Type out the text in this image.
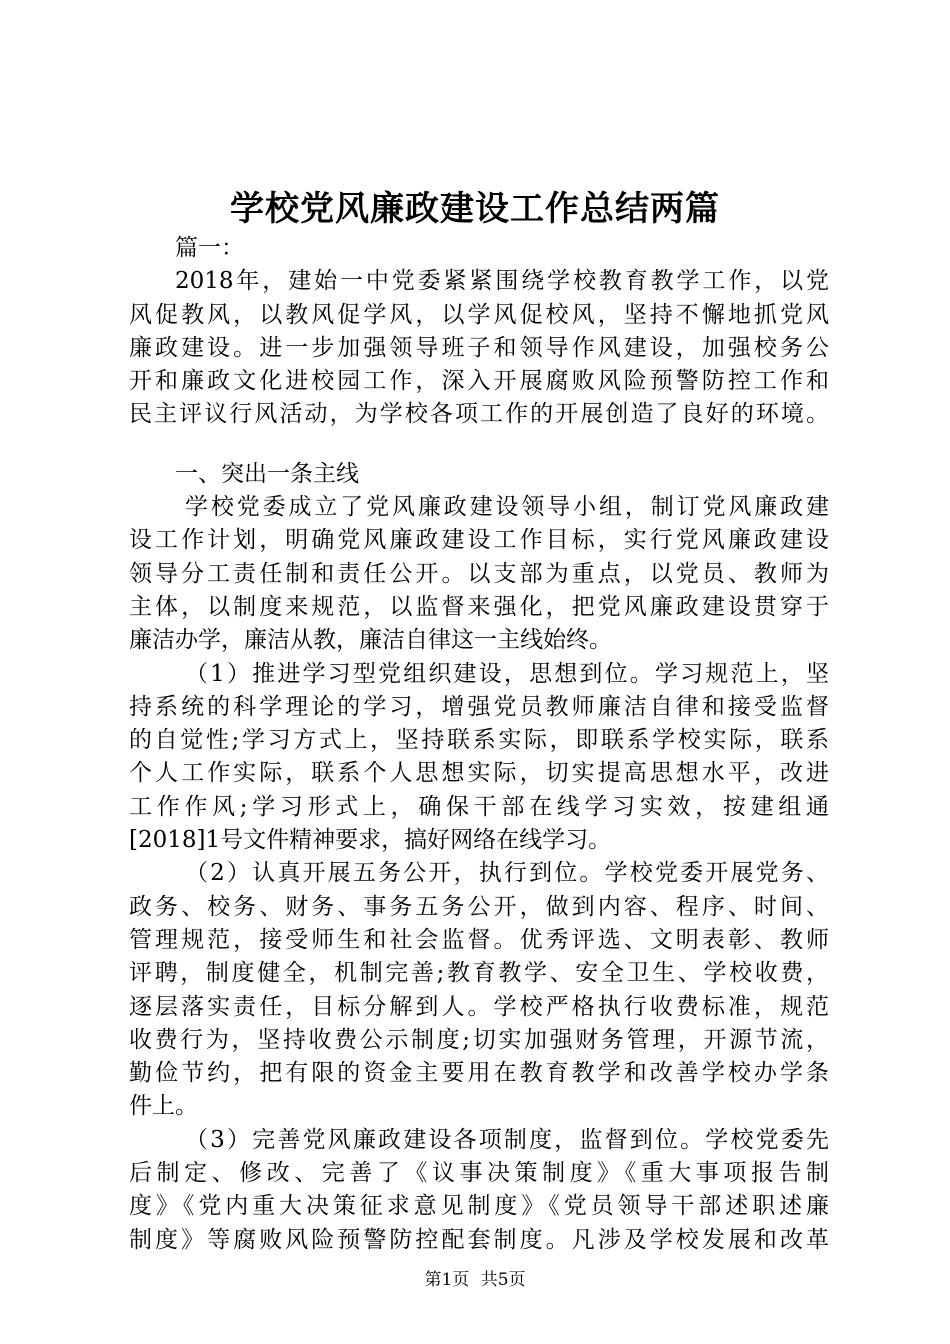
学校党风廉政建设工作总结两篇
篇一：
2018年，建始一中党委紧紧围绕学校教育教学工作，以党
风促教风，以教风促学风，以学风促校风，坚持不懈地抓党风
廉政建设。进一步加强领导班子和领导作风建设，加强校务公
开和廉政文化进校园工作，深入开展腐败风险预警防控工作和
民主评议行风活动，为学校各项工作的开展创造了良好的环境。
一、突出一条主线
学校党委成立了党风廉政建设领导小组，制订党风廉政建
设工作计划，明确党风廉政建设工作目标，实行党风廉政建设
领导分工责任制和责任公开。以支部为重点，以党员、教师为
主体，以制度来规范，以监督来强化，把党风廉政建设贯穿于
廉洁办学，廉洁从教，廉洁自律这一主线始终。
（1）推进学习型党组织建设，思想到位。学习规范上，坚
持系统的科学理论的学习，增强党员教师廉洁自律和接受监督
的自觉性;学习方式上，坚持联系实际，即联系学校实际，联系
个人工作实际，联系个人思想实际，切实提高思想水平，改进
工作作风;学习形式上，确保干部在线学习实效，按建组通
[2018]1号文件精神要求，搞好网络在线学习。
（2）认真开展五务公开，执行到位。学校党委开展党务、
政务、校务、财务、事务五务公开，做到内容、程序、时间、
管理规范，接受师生和社会监督。优秀评选、文明表彰、教师
评聘，制度健全，机制完善;教育教学、安全卫生、学校收费，
逐层落实责任，目标分解到人。学校严格执行收费标准，规范
收费行为，坚持收费公示制度;切实加强财务管理，开源节流，
勤俭节约，把有限的资金主要用在教育教学和改善学校办学条
件上。
（3）完善党风廉政建设各项制度，监督到位。学校党委先
后制定、修改、完善了《议事决策制度》《重大事项报告制
度》《党内重大决策征求意见制度》《党员领导干部述职述廉
制度》等腐败风险预警防控配套制度。凡涉及学校发展和改革
第1页 共5页
